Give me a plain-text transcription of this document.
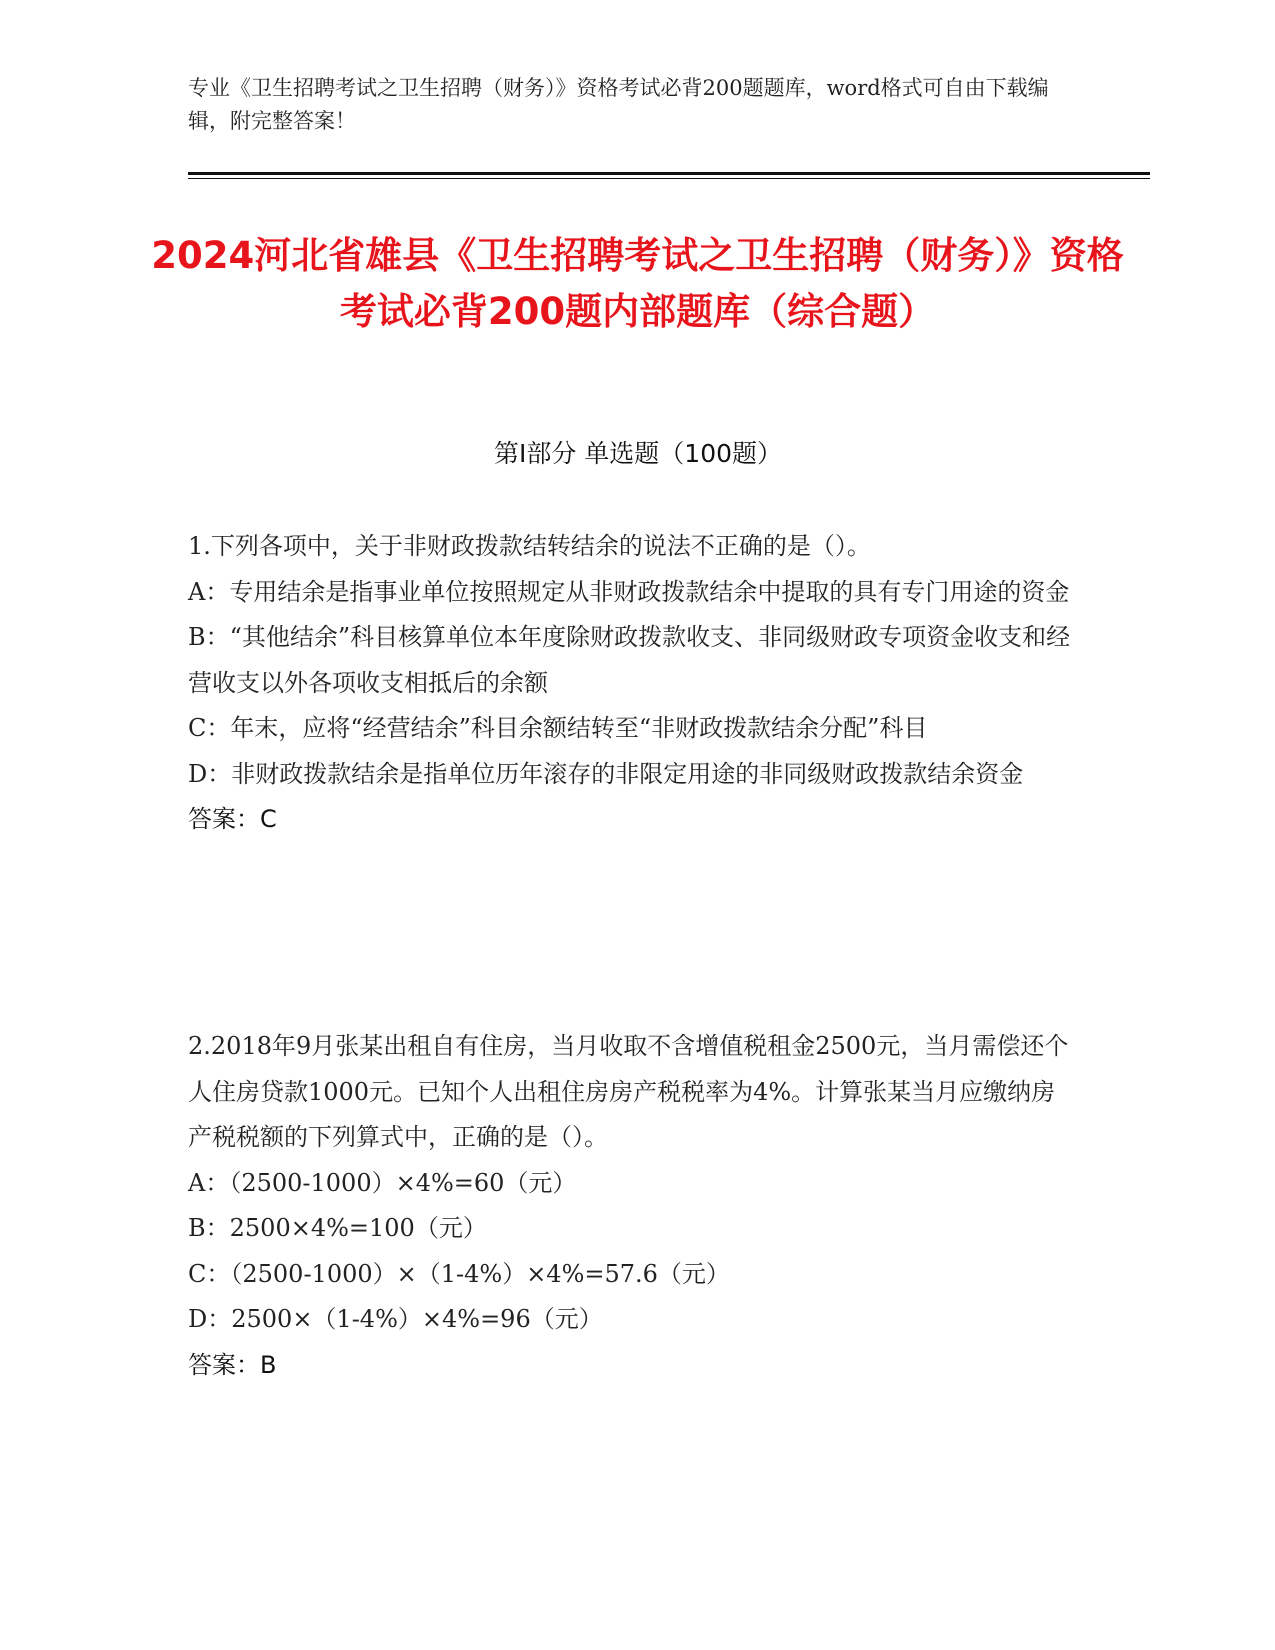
专业《卫生招聘考试之卫生招聘（财务）》资格考试必背200题题库，word格式可自由下载编辑，附完整答案！
2024河北省雄县《卫生招聘考试之卫生招聘（财务）》资格考试必背200题内部题库（综合题）
第Ⅰ部分 单选题（100题）
1.下列各项中，关于非财政拨款结转结余的说法不正确的是（）。
A：专用结余是指事业单位按照规定从非财政拨款结余中提取的具有专门用途的资金
B：“其他结余”科目核算单位本年度除财政拨款收支、非同级财政专项资金收支和经营收支以外各项收支相抵后的余额
C：年末，应将“经营结余”科目余额结转至“非财政拨款结余分配”科目
D：非财政拨款结余是指单位历年滚存的非限定用途的非同级财政拨款结余资金
答案：C
2.2018年9月张某出租自有住房，当月收取不含增值税租金2500元，当月需偿还个人住房贷款1000元。已知个人出租住房房产税税率为4%。计算张某当月应缴纳房产税税额的下列算式中，正确的是（）。
A：（2500-1000）×4%=60（元）
B：2500×4%=100（元）
C：（2500-1000）×（1-4%）×4%=57.6（元）
D：2500×（1-4%）×4%=96（元）
答案：B
